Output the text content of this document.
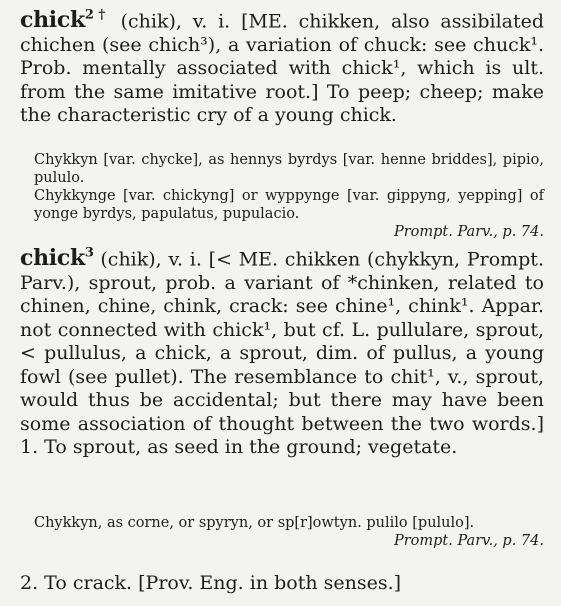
chick$^{2\dagger}$ (chik), v. i. [ME. chikken, also assibilated chichen (see chich³), a variation of chuck: see chuck¹. Prob. mentally associated with chick¹, which is ult. from the same imitative root.] To peep; cheep; make the characteristic cry of a young chick.
Chykkyn [var. chycke], as hennys byrdys [var. henne briddes], pipio, pululo.
Chykkynge [var. chickyng] or wyppynge [var. gippyng, yepping] of yonge byrdys, papulatus, pupulacio.
Prompt. Parv., p. 74.
chick$^3$ (chik), v. i. [< ME. chikken (chykkyn, Prompt. Parv.), sprout, prob. a variant of *chinken, related to chinen, chine, chink, crack: see chine¹, chink¹. Appar. not connected with chick¹, but cf. L. pullulare, sprout, < pullulus, a chick, a sprout, dim. of pullus, a young fowl (see pullet). The resemblance to chit¹, v., sprout, would thus be accidental; but there may have been some association of thought between the two words.] 1. To sprout, as seed in the ground; vegetate.
Chykkyn, as corne, or spyryn, or sp[r]owtyn. pulilo [pululo].
Prompt. Parv., p. 74.
2. To crack. [Prov. Eng. in both senses.]
